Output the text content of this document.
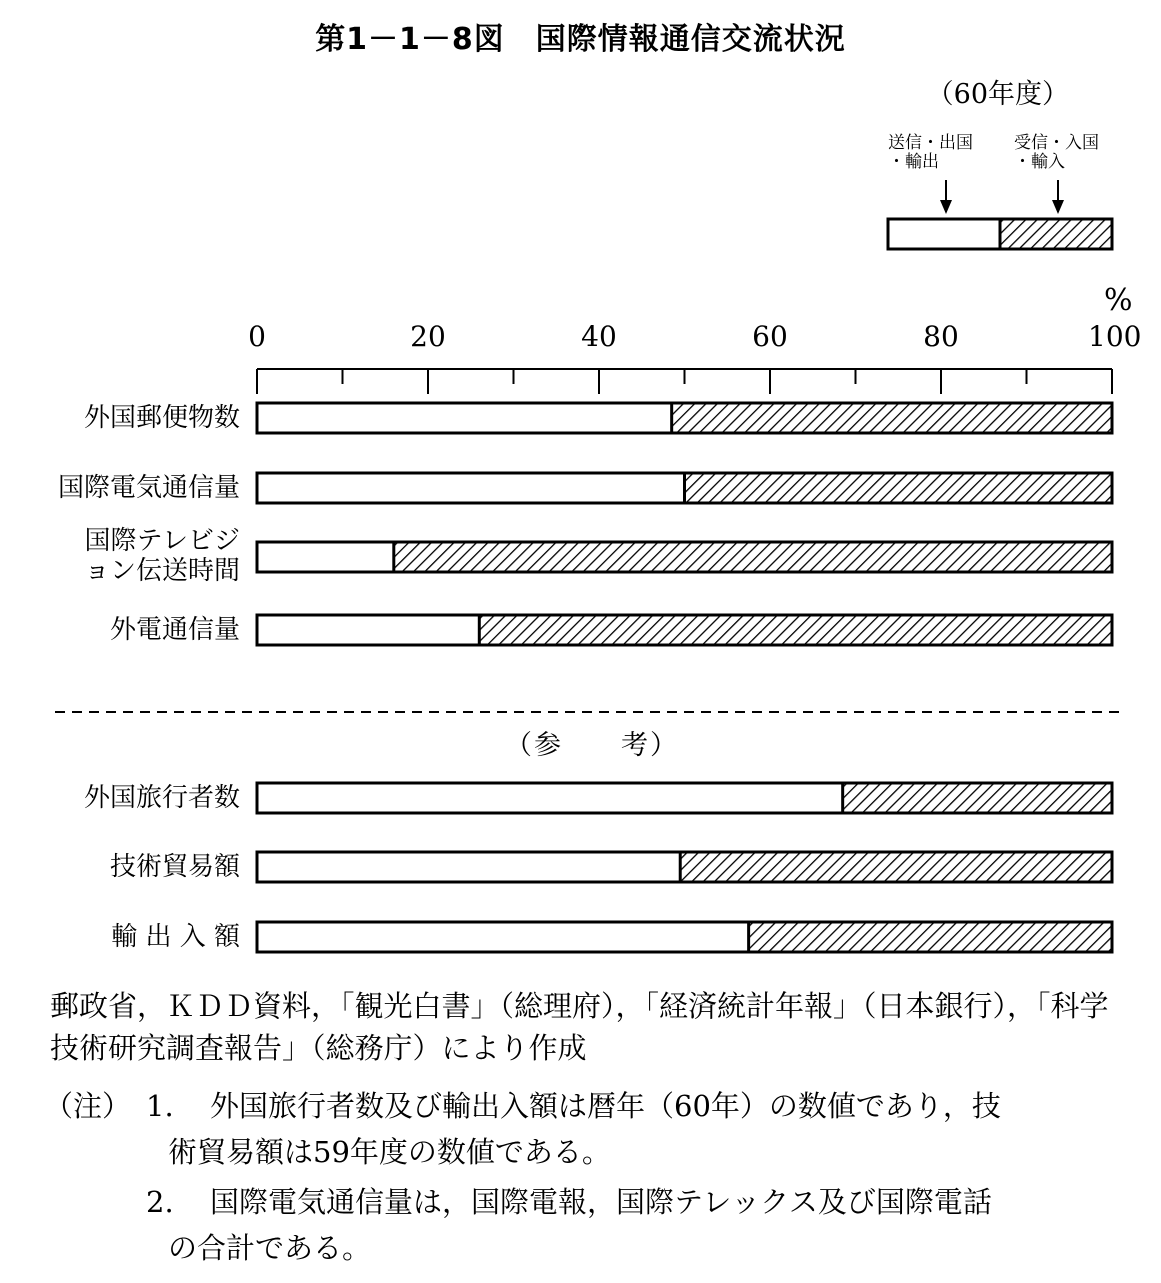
第1－1－8図　国際情報通信交流状況
（60年度）
送信・出国
・輸出
受信・入国
・輸入
%
0	20	40	60	80	100
外国郵便物数
国際電気通信量
国際テレビジ
ョン伝送時間
外電通信量
外国旅行者数
技術貿易額
輸 出 入 額
（参　　考）
郵政省，ＫＤＤ資料，「観光白書」（総理府），「経済統計年報」（日本銀行），「科学技術研究調査報告」（総務庁）により作成
（注） 1. 外国旅行者数及び輸出入額は暦年（60年）の数値であり，技
術貿易額は59年度の数値である。
2. 国際電気通信量は，国際電報，国際テレックス及び国際電話
の合計である。
